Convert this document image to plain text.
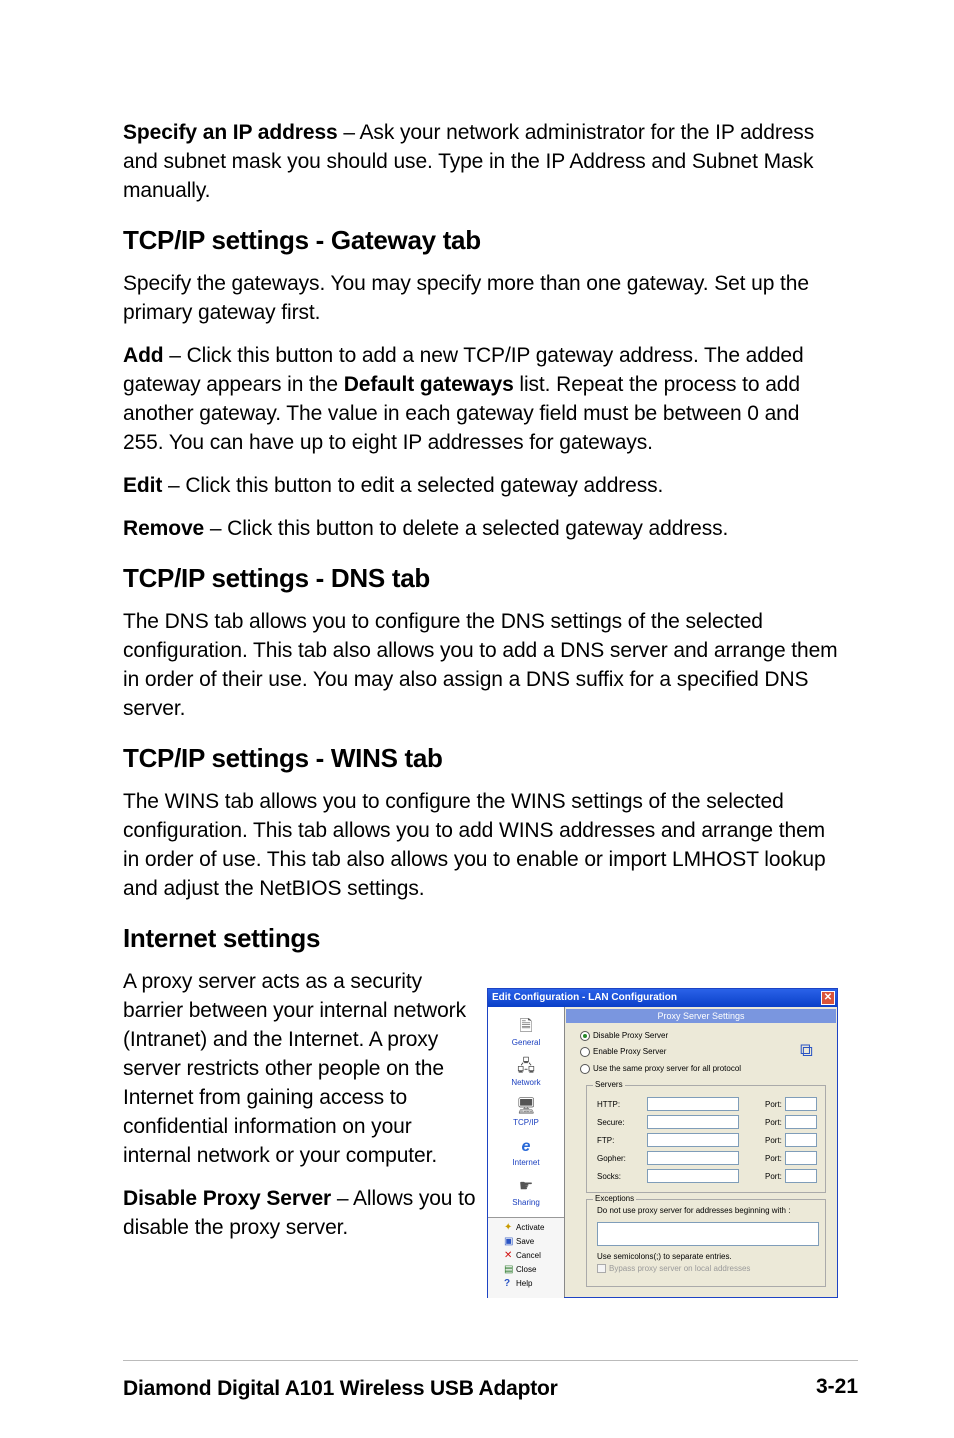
Specify an IP address – Ask your network administrator for the IP address and subnet mask you should use. Type in the IP Address and Subnet Mask manually.

TCP/IP settings - Gateway tab

Specify the gateways. You may specify more than one gateway. Set up the primary gateway first.

Add – Click this button to add a new TCP/IP gateway address. The added gateway appears in the Default gateways list. Repeat the process to add another gateway. The value in each gateway field must be between 0 and 255. You can have up to eight IP addresses for gateways.

Edit – Click this button to edit a selected gateway address.

Remove – Click this button to delete a selected gateway address.

TCP/IP settings - DNS tab

The DNS tab allows you to configure the DNS settings of the selected configuration. This tab also allows you to add a DNS server and arrange them in order of their use. You may also assign a DNS suffix for a specified DNS server.

TCP/IP settings - WINS tab

The WINS tab allows you to configure the WINS settings of the selected configuration. This tab allows you to add WINS addresses and arrange them in order of use. This tab also allows you to enable or import LMHOST lookup and adjust the NetBIOS settings.

Internet settings

A proxy server acts as a security barrier between your internal network (Intranet) and the Internet. A proxy server restricts other people on the Internet from gaining access to confidential information on your internal network or your computer.

Disable Proxy Server – Allows you to disable the proxy server.

Edit Configuration - LAN Configuration	✕
🗎
General
🖧
Network
🖥
TCP/IP
e
Internet
☛
Sharing
✦ Activate
▣ Save
✕ Cancel
▤ Close
? Help
Proxy Server Settings
⧉
Disable Proxy Server
Enable Proxy Server
Use the same proxy server for all protocol
Servers
HTTP:	Port:
Secure:	Port:
FTP:	Port:
Gopher:	Port:
Socks:	Port:
Exceptions
Do not use proxy server for addresses beginning with :
Use semicolons(;) to separate entries.
Bypass proxy server on local addresses
Diamond Digital A101 Wireless USB Adaptor	3-21
